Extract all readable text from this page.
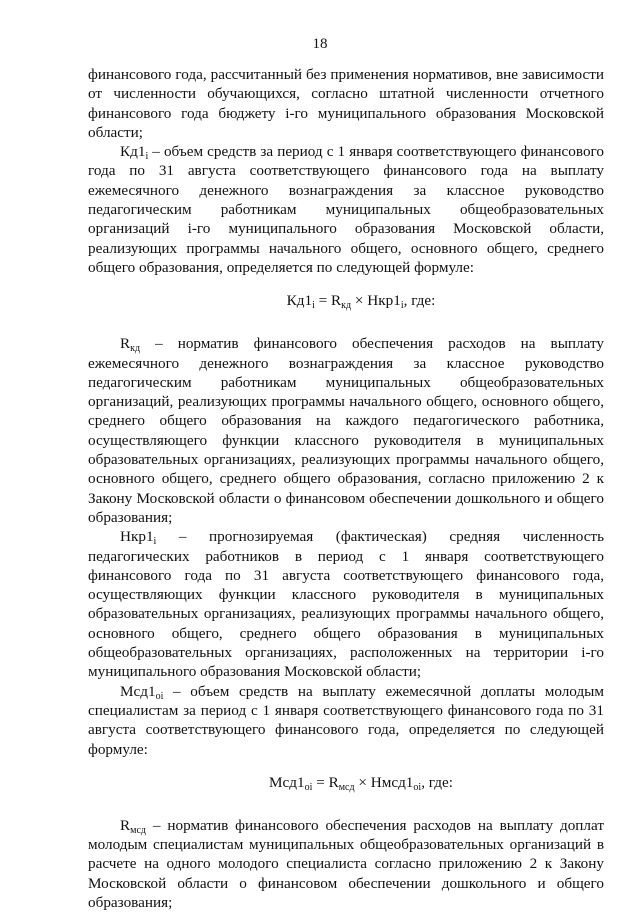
18

финансового года, рассчитанный без применения нормативов, вне зависимости от численности обучающихся, согласно штатной численности отчетного финансового года бюджету i-го муниципального образования Московской области;

$Кд1_i$ – объем средств за период с 1 января соответствующего финансового года по 31 августа соответствующего финансового года на выплату ежемесячного денежного вознаграждения за классное руководство педагогическим работникам муниципальных общеобразовательных организаций i-го муниципального образования Московской области, реализующих программы начального общего, основного общего, среднего общего образования, определяется по следующей формуле:

$Кд1_i = R_{кд} \times Нкр1_i$, где:

$R_{кд}$ – норматив финансового обеспечения расходов на выплату ежемесячного денежного вознаграждения за классное руководство педагогическим работникам муниципальных общеобразовательных организаций, реализующих программы начального общего, основного общего, среднего общего образования на каждого педагогического работника, осуществляющего функции классного руководителя в муниципальных образовательных организациях, реализующих программы начального общего, основного общего, среднего общего образования, согласно приложению 2 к Закону Московской области о финансовом обеспечении дошкольного и общего образования;

$Нкр1_i$ – прогнозируемая (фактическая) средняя численность педагогических работников в период с 1 января соответствующего финансового года по 31 августа соответствующего финансового года, осуществляющих функции классного руководителя в муниципальных образовательных организациях, реализующих программы начального общего, основного общего, среднего общего образования в муниципальных общеобразовательных организациях, расположенных на территории i-го муниципального образования Московской области;

$Мсд1_{оi}$ – объем средств на выплату ежемесячной доплаты молодым специалистам за период с 1 января соответствующего финансового года по 31 августа соответствующего финансового года, определяется по следующей формуле:

$Мсд1_{оi} = R_{мсд}$ × $Нмсд1_{оi}$, где:

$R_{мсд}$ – норматив финансового обеспечения расходов на выплату доплат молодым специалистам муниципальных общеобразовательных организаций в расчете на одного молодого специалиста согласно приложению 2 к Закону Московской области о финансовом обеспечении дошкольного и общего образования;
